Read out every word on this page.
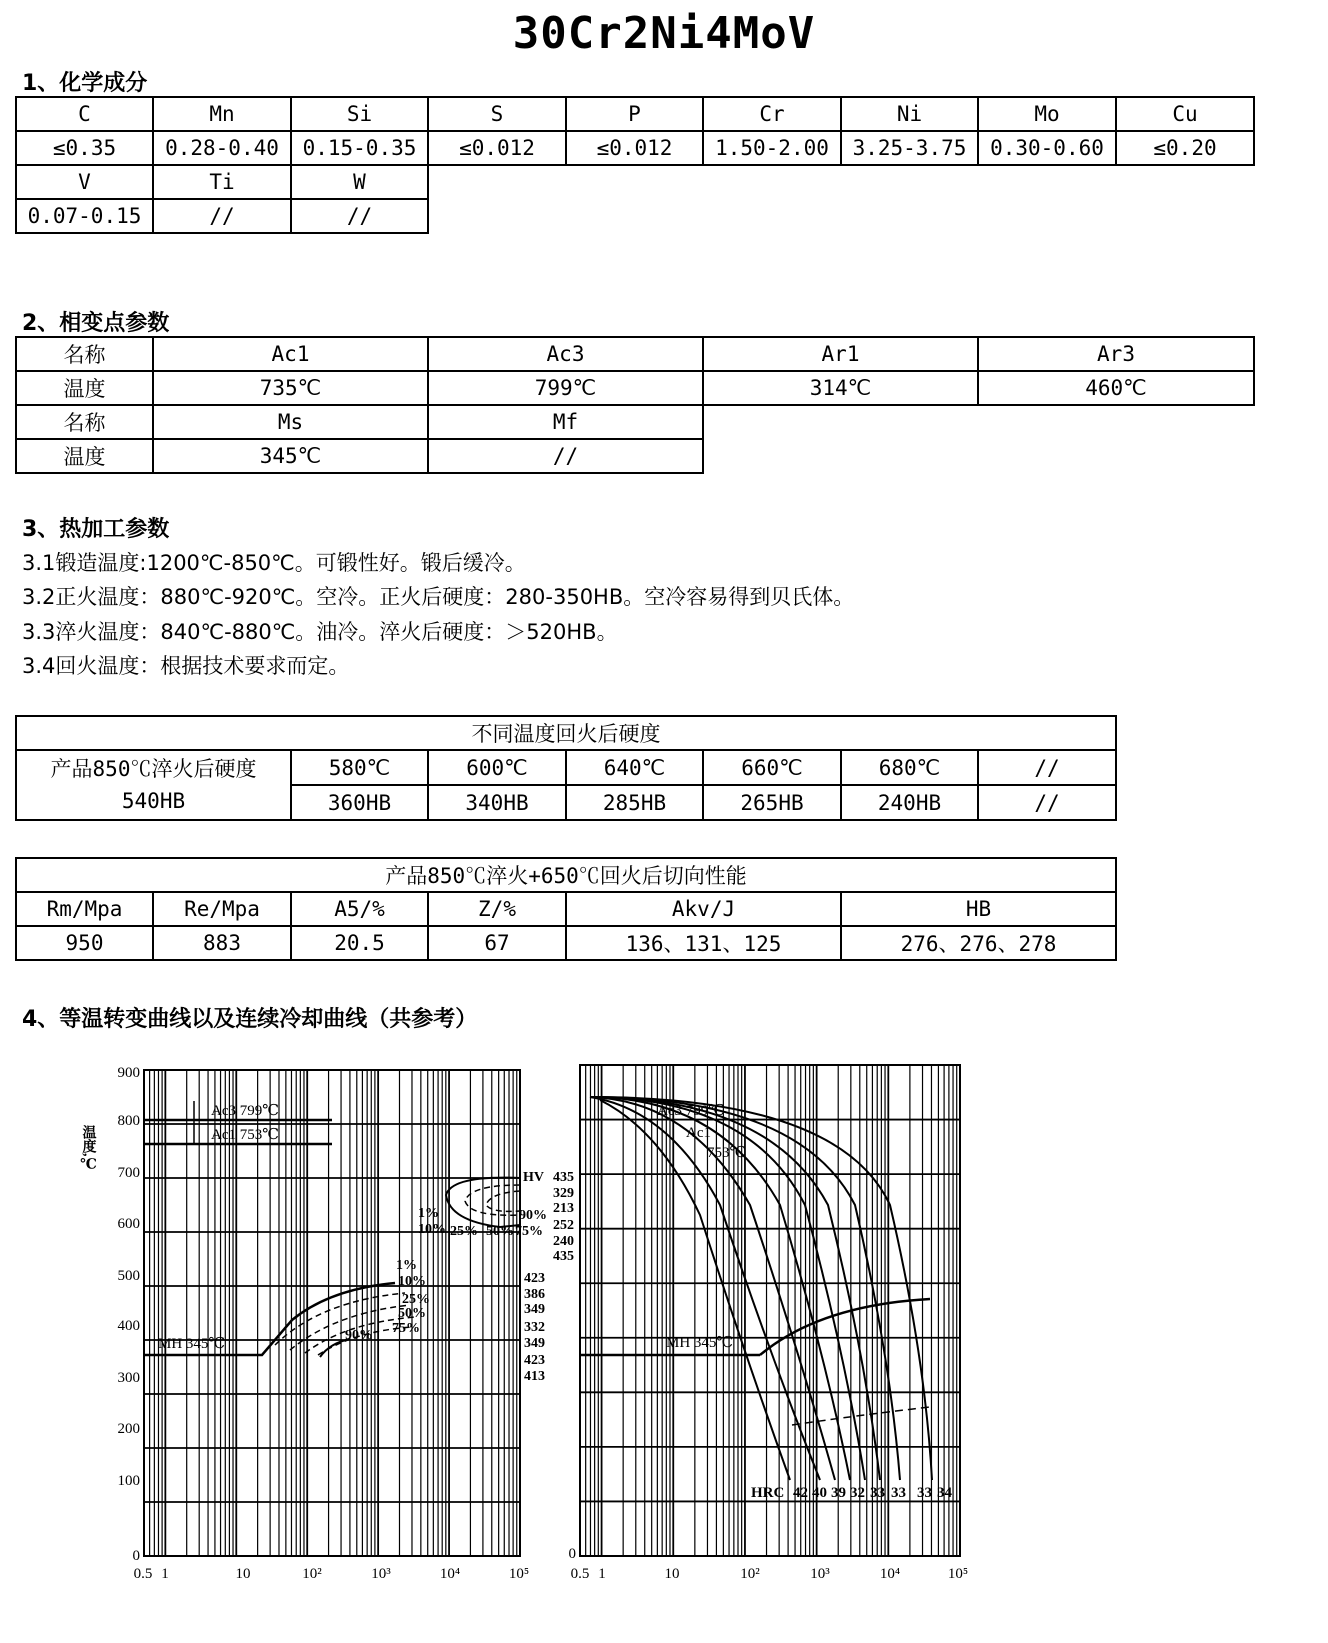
30Cr2Ni4MoV
1、化学成分
C	Mn	Si	S	P	Cr	Ni	Mo	Cu
≤0.35	0.28-0.40	0.15-0.35	≤0.012	≤0.012	1.50-2.00	3.25-3.75	0.30-0.60	≤0.20
V	Ti	W						
0.07-0.15	//	//						
2、相变点参数
名称	Ac1	Ac3	Ar1	Ar3
温度	735℃	799℃	314℃	460℃
名称	Ms	Mf		
温度	345℃	//		
3、热加工参数
3.1锻造温度:1200℃-850℃。可锻性好。锻后缓冷。
3.2正火温度：880℃-920℃。空冷。正火后硬度：280-350HB。空冷容易得到贝氏体。
3.3淬火温度：840℃-880℃。油冷。淬火后硬度：＞520HB。
3.4回火温度：根据技术要求而定。
不同温度回火后硬度						

产品850℃淬火后硬度
540HB	580℃	600℃	640℃	660℃	680℃	//
	360HB	340HB	285HB	265HB	240HB	//
产品850℃淬火+650℃回火后切向性能					
Rm/Mpa	Re/Mpa	A5/%	Z/%	Akv/J	HB
950	883	20.5	67	136、131、125	276、276、278
4、等温转变曲线以及连续冷却曲线（共参考）
900
800
700
600
500
400
300
200
100
0
温度,℃
0.5 1	10	10²	10³	10⁴	10⁵
Ac3 799℃
Ac1 753℃
MH 345℃
1%
10%
25%
50%
75%
90%
1%
10% 25% 50% 75%
90%
HV 435
329
213
252
240
435
423
386
349
332
349
423
413
0
0.5 1	10	10²	10³	10⁴	10⁵
Ac3 799℃
Ac1
753℃
MH 345℃
HRC 42 40 39 32 33 33 33 34
